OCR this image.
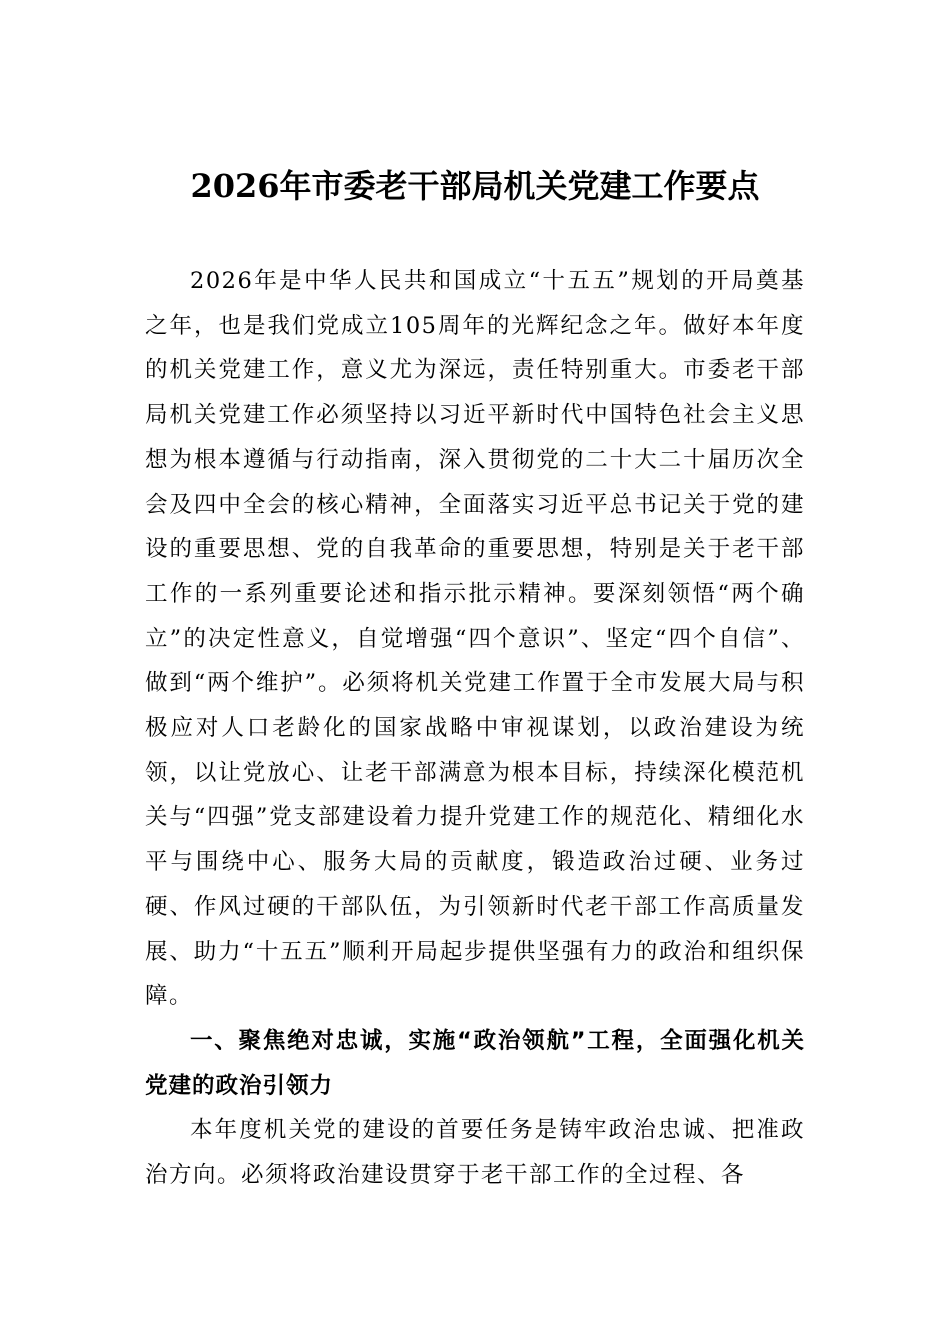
2026年市委老干部局机关党建工作要点

2026年是中华人民共和国成立“十五五”规划的开局奠基之年，也是我们党成立105周年的光辉纪念之年。做好本年度的机关党建工作，意义尤为深远，责任特别重大。市委老干部局机关党建工作必须坚持以习近平新时代中国特色社会主义思想为根本遵循与行动指南，深入贯彻党的二十大二十届历次全会及四中全会的核心精神，全面落实习近平总书记关于党的建设的重要思想、党的自我革命的重要思想，特别是关于老干部工作的一系列重要论述和指示批示精神。要深刻领悟“两个确立”的决定性意义，自觉增强“四个意识”、坚定“四个自信”、做到“两个维护”。必须将机关党建工作置于全市发展大局与积极应对人口老龄化的国家战略中审视谋划，以政治建设为统领，以让党放心、让老干部满意为根本目标，持续深化模范机关与“四强”党支部建设着力提升党建工作的规范化、精细化水平与围绕中心、服务大局的贡献度，锻造政治过硬、业务过硬、作风过硬的干部队伍，为引领新时代老干部工作高质量发展、助力“十五五”顺利开局起步提供坚强有力的政治和组织保障。

一、聚焦绝对忠诚，实施“政治领航”工程，全面强化机关党建的政治引领力

本年度机关党的建设的首要任务是铸牢政治忠诚、把准政治方向。必须将政治建设贯穿于老干部工作的全过程、各
